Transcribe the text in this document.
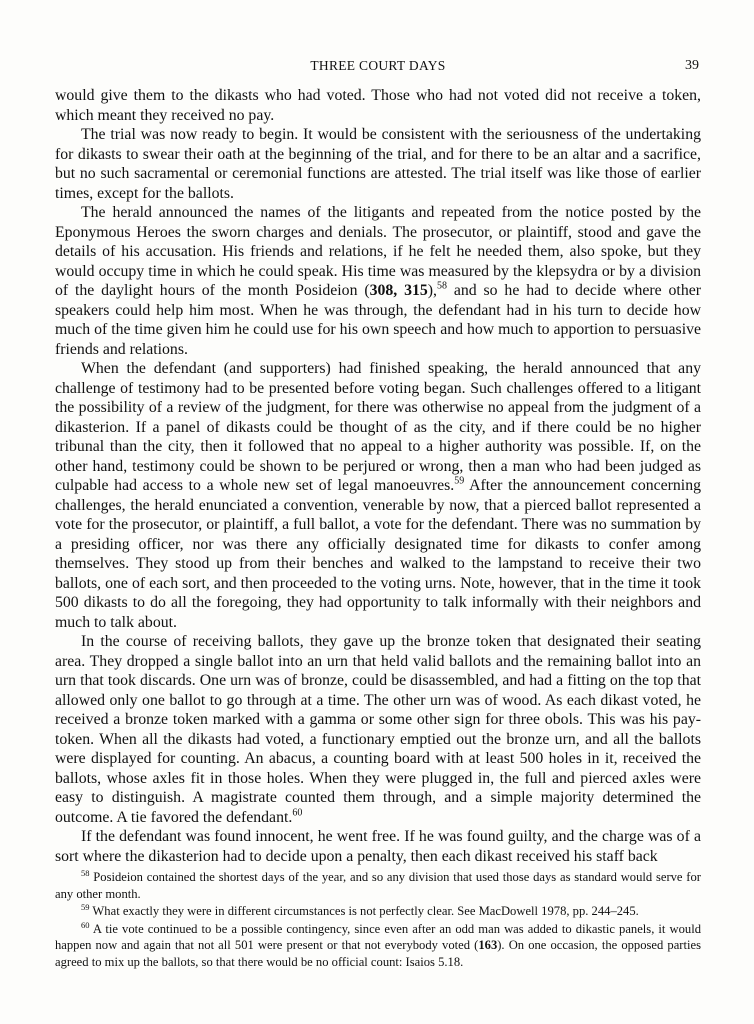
THREE COURT DAYS	39

would give them to the dikasts who had voted. Those who had not voted did not receive a token, which meant they received no pay.

The trial was now ready to begin. It would be consistent with the seriousness of the undertaking for dikasts to swear their oath at the beginning of the trial, and for there to be an altar and a sacrifice, but no such sacramental or ceremonial functions are attested. The trial itself was like those of earlier times, except for the ballots.

The herald announced the names of the litigants and repeated from the notice posted by the Eponymous Heroes the sworn charges and denials. The prosecutor, or plaintiff, stood and gave the details of his accusation. His friends and relations, if he felt he needed them, also spoke, but they would occupy time in which he could speak. His time was measured by the klepsydra or by a division of the daylight hours of the month Posideion (308, 315),$^{58}$ and so he had to decide where other speakers could help him most. When he was through, the defendant had in his turn to decide how much of the time given him he could use for his own speech and how much to apportion to persuasive friends and relations.

When the defendant (and supporters) had finished speaking, the herald announced that any challenge of testimony had to be presented before voting began. Such challenges offered to a litigant the possibility of a review of the judgment, for there was otherwise no appeal from the judgment of a dikasterion. If a panel of dikasts could be thought of as the city, and if there could be no higher tribunal than the city, then it followed that no appeal to a higher authority was possible. If, on the other hand, testimony could be shown to be perjured or wrong, then a man who had been judged as culpable had access to a whole new set of legal manoeuvres.$^{59}$ After the announcement concerning challenges, the herald enunciated a convention, venerable by now, that a pierced ballot represented a vote for the prosecutor, or plaintiff, a full ballot, a vote for the defendant. There was no summation by a presiding officer, nor was there any officially designated time for dikasts to confer among themselves. They stood up from their benches and walked to the lampstand to receive their two ballots, one of each sort, and then proceeded to the voting urns. Note, however, that in the time it took 500 dikasts to do all the foregoing, they had opportunity to talk informally with their neighbors and much to talk about.

In the course of receiving ballots, they gave up the bronze token that designated their seating area. They dropped a single ballot into an urn that held valid ballots and the remaining ballot into an urn that took discards. One urn was of bronze, could be disassembled, and had a fitting on the top that allowed only one ballot to go through at a time. The other urn was of wood. As each dikast voted, he received a bronze token marked with a gamma or some other sign for three obols. This was his pay-token. When all the dikasts had voted, a functionary emptied out the bronze urn, and all the ballots were displayed for counting. An abacus, a counting board with at least 500 holes in it, received the ballots, whose axles fit in those holes. When they were plugged in, the full and pierced axles were easy to distinguish. A magistrate counted them through, and a simple majority determined the outcome. A tie favored the defendant.$^{60}$

If the defendant was found innocent, he went free. If he was found guilty, and the charge was of a sort where the dikasterion had to decide upon a penalty, then each dikast received his staff back

$^{58}$ Posideion contained the shortest days of the year, and so any division that used those days as standard would serve for any other month.

$^{59}$ What exactly they were in different circumstances is not perfectly clear. See MacDowell 1978, pp. 244–245.

$^{60}$ A tie vote continued to be a possible contingency, since even after an odd man was added to dikastic panels, it would happen now and again that not all 501 were present or that not everybody voted (163). On one occasion, the opposed parties agreed to mix up the ballots, so that there would be no official count: Isaios 5.18.
